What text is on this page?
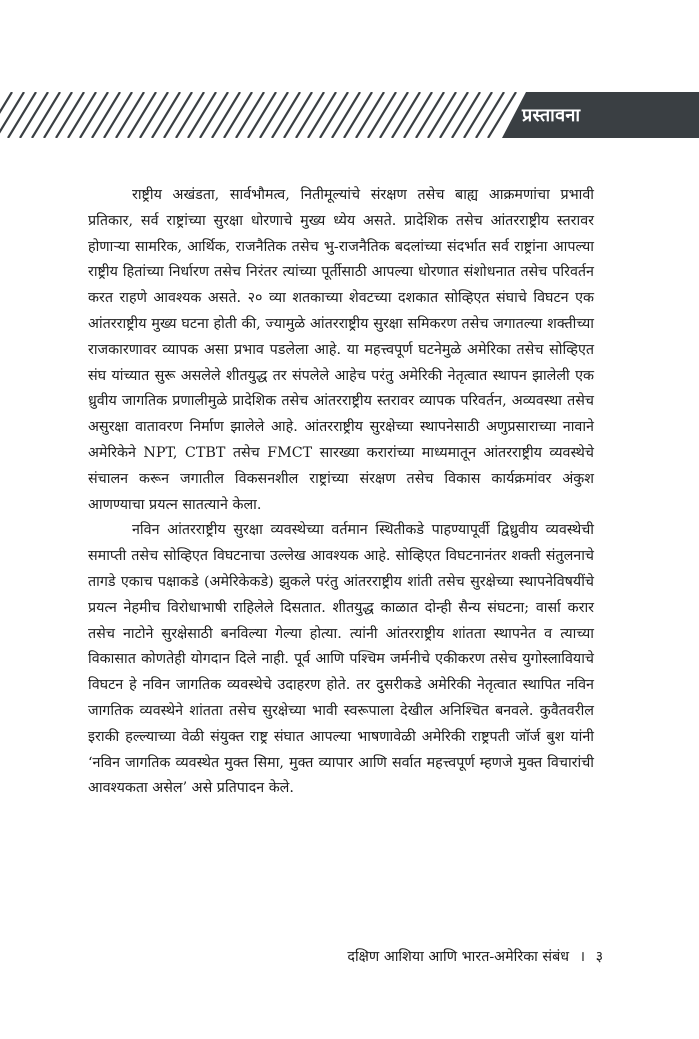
प्रस्तावना

राष्ट्रीय अखंडता, सार्वभौमत्व, नितीमूल्यांचे संरक्षण तसेच बाह्य आक्रमणांचा प्रभावी प्रतिकार, सर्व राष्ट्रांच्या सुरक्षा धोरणाचे मुख्य ध्येय असते. प्रादेशिक तसेच आंतरराष्ट्रीय स्तरावर होणाऱ्या सामरिक, आर्थिक, राजनैतिक तसेच भु-राजनैतिक बदलांच्या संदर्भात सर्व राष्ट्रांना आपल्या राष्ट्रीय हितांच्या निर्धारण तसेच निरंतर त्यांच्या पूर्तीसाठी आपल्या धोरणात संशोधनात तसेच परिवर्तन करत राहणे आवश्यक असते. २० व्या शतकाच्या शेवटच्या दशकात सोव्हिएत संघाचे विघटन एक आंतरराष्ट्रीय मुख्य घटना होती की, ज्यामुळे आंतरराष्ट्रीय सुरक्षा समिकरण तसेच जगातल्या शक्तीच्या राजकारणावर व्यापक असा प्रभाव पडलेला आहे. या महत्त्वपूर्ण घटनेमुळे अमेरिका तसेच सोव्हिएत संघ यांच्यात सुरू असलेले शीतयुद्ध तर संपलेले आहेच परंतु अमेरिकी नेतृत्वात स्थापन झालेली एक ध्रुवीय जागतिक प्रणालीमुळे प्रादेशिक तसेच आंतरराष्ट्रीय स्तरावर व्यापक परिवर्तन, अव्यवस्था तसेच असुरक्षा वातावरण निर्माण झालेले आहे. आंतरराष्ट्रीय सुरक्षेच्या स्थापनेसाठी अणुप्रसाराच्या नावाने अमेरिकेने NPT, CTBT तसेच FMCT सारख्या करारांच्या माध्यमातून आंतरराष्ट्रीय व्यवस्थेचे संचालन करून जगातील विकसनशील राष्ट्रांच्या संरक्षण तसेच विकास कार्यक्रमांवर अंकुश आणण्याचा प्रयत्न सातत्याने केला.

नविन आंतरराष्ट्रीय सुरक्षा व्यवस्थेच्या वर्तमान स्थितीकडे पाहण्यापूर्वी द्विध्रुवीय व्यवस्थेची समाप्ती तसेच सोव्हिएत विघटनाचा उल्लेख आवश्यक आहे. सोव्हिएत विघटनानंतर शक्ती संतुलनाचे तागडे एकाच पक्षाकडे (अमेरिकेकडे) झुकले परंतु आंतरराष्ट्रीय शांती तसेच सुरक्षेच्या स्थापनेविषयींचे प्रयत्न नेहमीच विरोधाभाषी राहिलेले दिसतात. शीतयुद्ध काळात दोन्ही सैन्य संघटना; वार्सा करार तसेच नाटोने सुरक्षेसाठी बनविल्या गेल्या होत्या. त्यांनी आंतरराष्ट्रीय शांतता स्थापनेत व त्याच्या विकासात कोणतेही योगदान दिले नाही. पूर्व आणि पश्चिम जर्मनीचे एकीकरण तसेच युगोस्लावियाचे विघटन हे नविन जागतिक व्यवस्थेचे उदाहरण होते. तर दुसरीकडे अमेरिकी नेतृत्वात स्थापित नविन जागतिक व्यवस्थेने शांतता तसेच सुरक्षेच्या भावी स्वरूपाला देखील अनिश्चित बनवले. कुवैतवरील इराकी हल्ल्याच्या वेळी संयुक्त राष्ट्र संघात आपल्या भाषणावेळी अमेरिकी राष्ट्रपती जॉर्ज बुश यांनी ‘नविन जागतिक व्यवस्थेत मुक्त सिमा, मुक्त व्यापार आणि सर्वात महत्त्वपूर्ण म्हणजे मुक्त विचारांची आवश्यकता असेल’ असे प्रतिपादन केले.

दक्षिण आशिया आणि भारत-अमेरिका संबंध । ३
